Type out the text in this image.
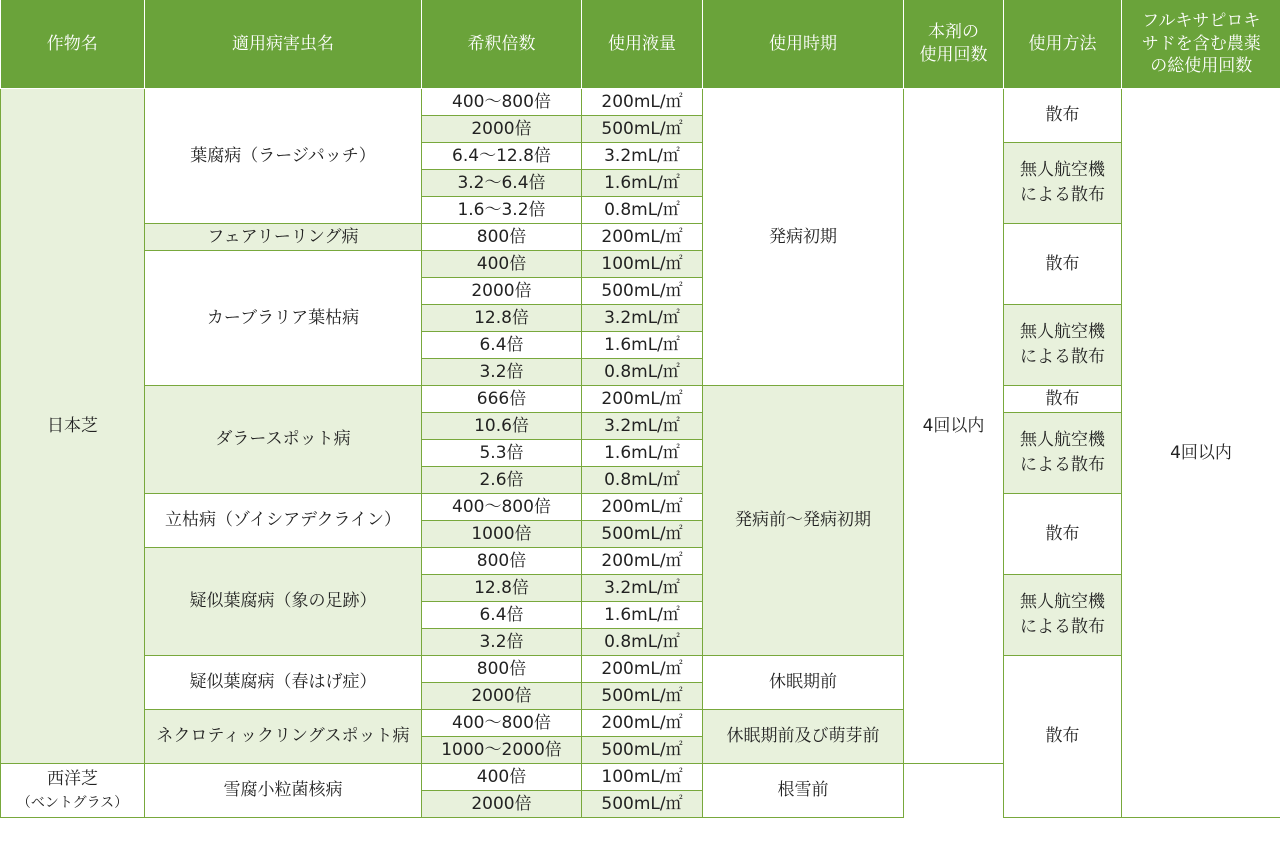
作物名	適用病害虫名	希釈倍数	使用液量	使用時期	本剤の
使用回数	使用方法	フルキサピロキ
サドを含む農薬
の総使用回数
日本芝	葉腐病（ラージパッチ）	400～800倍	200mL/㎡	発病初期	4回以内	散布	4回以内
		2000倍	500mL/㎡				
		6.4～12.8倍	3.2mL/㎡			無人航空機
による散布	
		3.2～6.4倍	1.6mL/㎡				
		1.6～3.2倍	0.8mL/㎡				
	フェアリーリング病	800倍	200mL/㎡			散布	
	カーブラリア葉枯病	400倍	100mL/㎡				
		2000倍	500mL/㎡				
		12.8倍	3.2mL/㎡			無人航空機
による散布	
		6.4倍	1.6mL/㎡				
		3.2倍	0.8mL/㎡				
	ダラースポット病	666倍	200mL/㎡	発病前～発病初期		散布	
		10.6倍	3.2mL/㎡			無人航空機
による散布	
		5.3倍	1.6mL/㎡				
		2.6倍	0.8mL/㎡				
	立枯病（ゾイシアデクライン）	400～800倍	200mL/㎡			散布	
		1000倍	500mL/㎡				
	疑似葉腐病（象の足跡）	800倍	200mL/㎡				
		12.8倍	3.2mL/㎡			無人航空機
による散布	
		6.4倍	1.6mL/㎡				
		3.2倍	0.8mL/㎡				
	疑似葉腐病（春はげ症）	800倍	200mL/㎡	休眠期前		散布	
		2000倍	500mL/㎡				
	ネクロティックリングスポット病	400～800倍	200mL/㎡	休眠期前及び萌芽前			
		1000～2000倍	500mL/㎡				
西洋芝
（ベントグラス）	雪腐小粒菌核病	400倍	100mL/㎡	根雪前			
		2000倍	500mL/㎡				
